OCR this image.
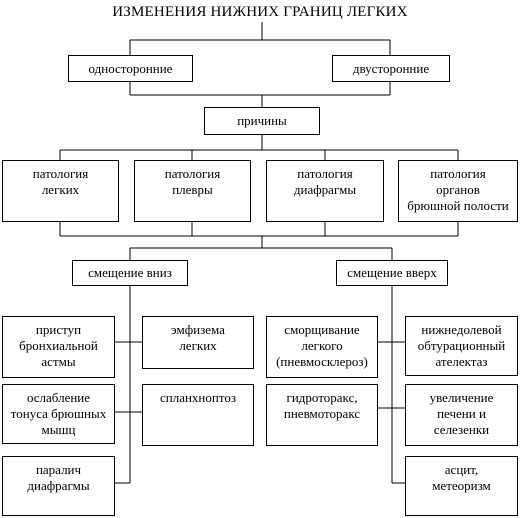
ИЗМЕНЕНИЯ НИЖНИХ ГРАНИЦ ЛЕГКИХ
односторонние	двусторонние
причины
патология
легких
патология
плевры
патология
диафрагмы
патология
органов
брюшной полости
смещение вниз	смещение вверх
приступ
бронхиальной
астмы
эмфизема
легких
ослабление
тонуса брюшных
мышц
спланхноптоз
паралич
диафрагмы
сморщивание
легкого
(пневмосклероз)
нижнедолевой
обтурационный
ателектаз
гидроторакс,
пневмоторакс
увеличение
печени и
селезенки
асцит,
метеоризм
